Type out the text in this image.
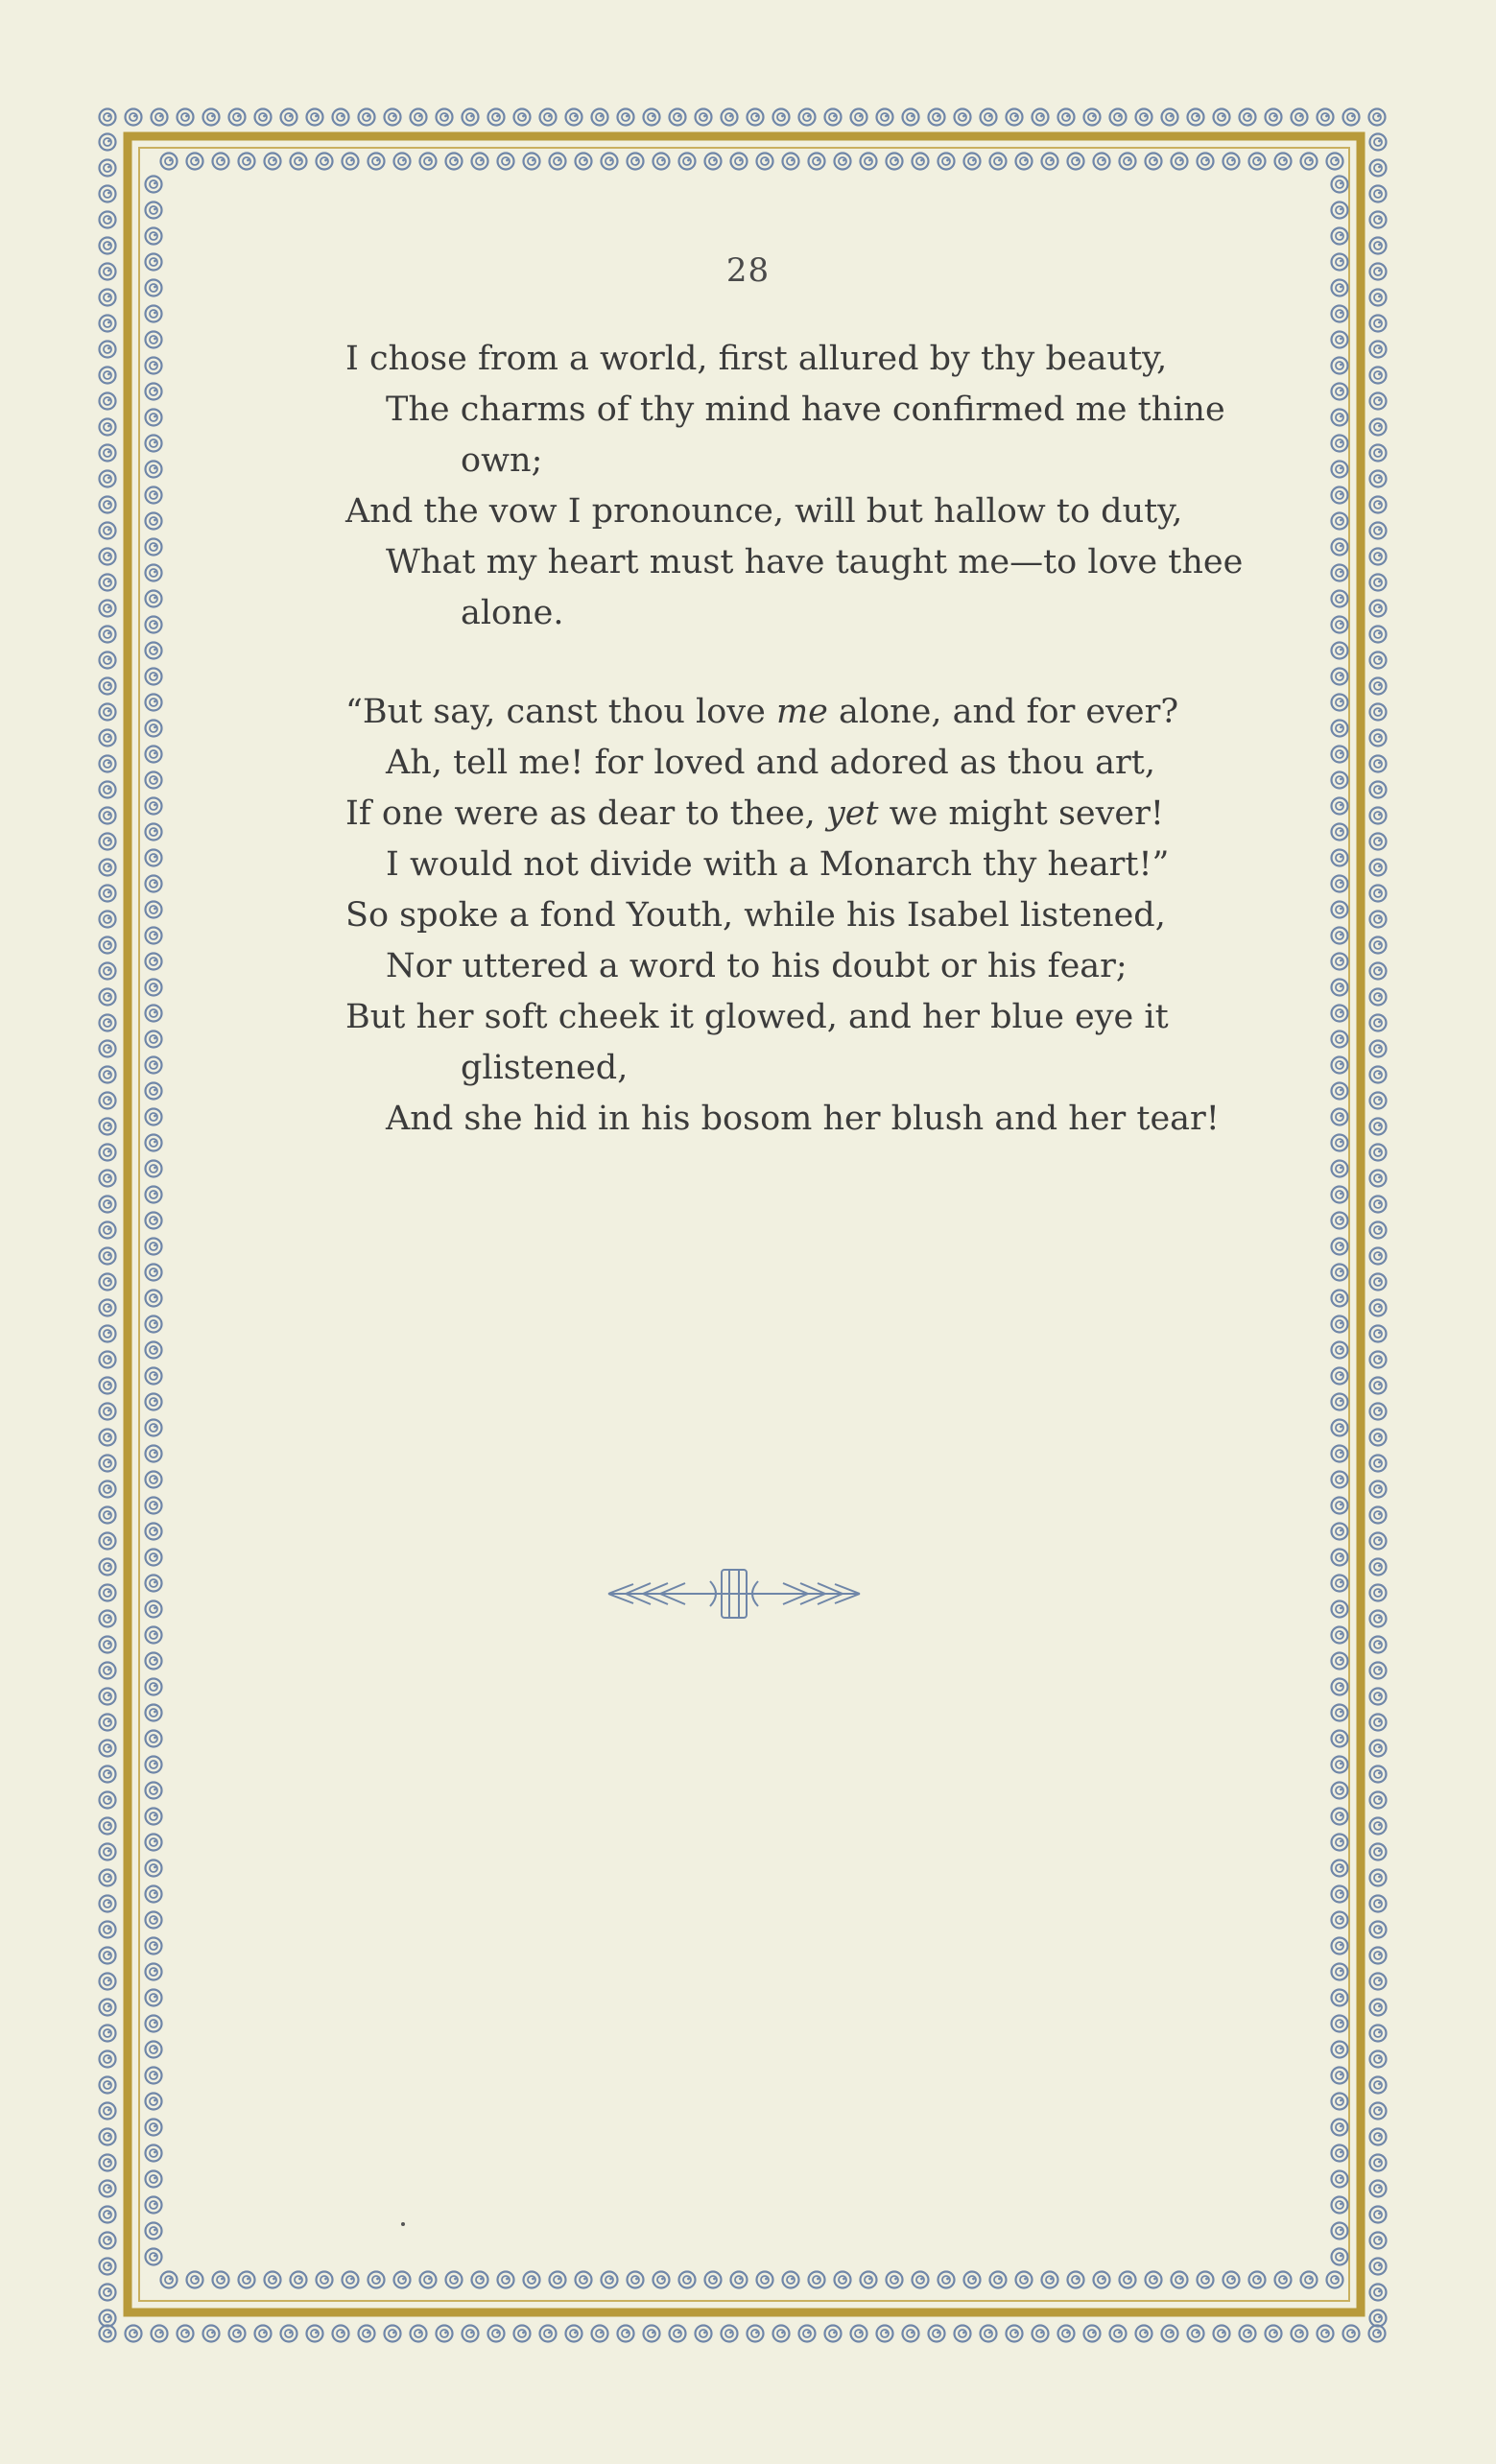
28
I chose from a world, first allured by thy beauty,
The charms of thy mind have confirmed me thine
own;
And the vow I pronounce, will but hallow to duty,
What my heart must have taught me—to love thee
alone.
“But say, canst thou love me alone, and for ever?
Ah, tell me! for loved and adored as thou art,
If one were as dear to thee, yet we might sever!
I would not divide with a Monarch thy heart!”
So spoke a fond Youth, while his Isabel listened,
Nor uttered a word to his doubt or his fear;
But her soft cheek it glowed, and her blue eye it
glistened,
And she hid in his bosom her blush and her tear!
